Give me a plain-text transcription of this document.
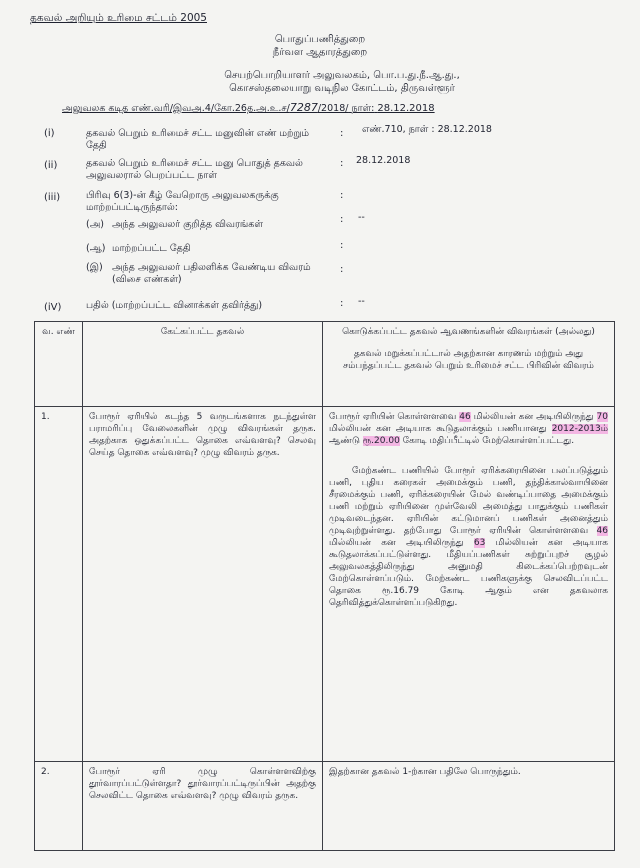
தகவல் அறியும் உரிமை சட்டம் 2005
பொதுப்பணித்துறை
நீர்வள ஆதாரத்துறை
செயற்பொறியாளர் அலுவலகம், பொ.ப.து.நீ.ஆ.து.,
கொசஸ்தலையாறு வடிநில கோட்டம், திருவள்ளூர்
அலுவலக கடித எண்.வரி/இவஅ.4/கோ.26த.அ.உ.ச/7287/2018/ நாள்: 28.12.2018
(i)	தகவல் பெறும் உரிமைச் சட்ட மனுவின் எண் மற்றும் தேதி
: எண்.710, நாள் : 28.12.2018
(ii)	தகவல் பெறும் உரிமைச் சட்ட மனு பொதுத் தகவல் அலுவலரால் பெறப்பட்ட நாள்
: 28.12.2018
(iii)	பிரிவு 6(3)-ன் கீழ் வேறொரு அலுவலகருக்கு மாற்றப்பட்டிருந்தால்:
:
(அ) அந்த அலுவலர் குறித்த விவரங்கள்	: --
(ஆ) மாற்றப்பட்ட தேதி	:
(இ) அந்த அலுவலர் பதிலளிக்க வேண்டிய விவரம் (விசை எண்கள்)
:
(iV)	பதில் (மாற்றப்பட்ட வினாக்கள் தவிர்த்து)	: --
வ. எண்	கேட்கப்பட்ட தகவல்	கொடுக்கப்பட்ட தகவல் ஆவணங்களின் விவரங்கள் (அல்லது)
தகவல் மறுக்கப்பட்டால் அதற்கான காரணம் மற்றும் அது சம்பந்தப்பட்ட தகவல் பெறும் உரிமைச் சட்ட பிரிவின் விவரம்

1.	போரூர் ஏரியில் கடந்த 5 வருடங்களாக நடந்துள்ள பராமரிப்பு வேலைகளின் முழு விவரங்கள் தருக. அதற்காக ஒதுக்கப்பட்ட தொகை எவ்வளவு? செலவு செய்த தொகை எவ்வளவு? முழு விவரம் தருக.	போரூர் ஏரியின் கொள்ளளவை 46 மில்லியன் கன அடியிலிருந்து 70 மில்லியன் கன அடியாக கூடுதலாக்கும் பணியானது 2012-2013ம் ஆண்டு ரூ.20.00 கோடி மதிப்பீட்டில் மேற்கொள்ளப்பட்டது.
மேற்கண்ட பணியில் போரூர் ஏரிக்கரையினை பலப்படுத்தும் பணி, புதிய கரைகள் அமைக்கும் பணி, தந்திக்கால்வாயினை சீரமைக்கும் பணி, ஏரிக்கரையின் மேல் வண்டிப்பாதை அமைக்கும் பணி மற்றும் ஏரியினை முள்வேலி அமைத்து பாதுக்கும் பணிகள் முடிவடைந்தன. ஏரியின் கட்டுமானப் பணிகள் அனைத்தும் முடிவுற்றுள்ளது. தற்போது போரூர் ஏரியின் கொள்ளளவை 46 மில்லியன் கன அடியிலிருந்து 63 மில்லியன் கன அடியாக கூடுதலாக்கப்பட்டுள்ளது. மீதியப்பணிகள் சுற்றுப்புறச் சூழல் அலுவலகத்திலிருந்து அனுமதி கிடைக்கப்பெற்றவுடன் மேற்கொள்ளப்படும். மேற்கண்ட பணிகளுக்கு செலவிடப்பட்ட தொகை ரூ.16.79 கோடி ஆகும் என தகவலாக தெரிவித்துக்கொள்ளப்படுகிறது.

2.	போரூர் ஏரி முழு கொள்ளளவிற்கு தூர்வாரப்பட்டுள்ளதா? தூர்வாரப்பட்டிருப்பின் அதற்கு செலவிட்ட தொகை எவ்வளவு? முழு விவரம் தருக.	இதற்கான தகவல் 1-ற்கான பதிலே பொருந்தும்.
